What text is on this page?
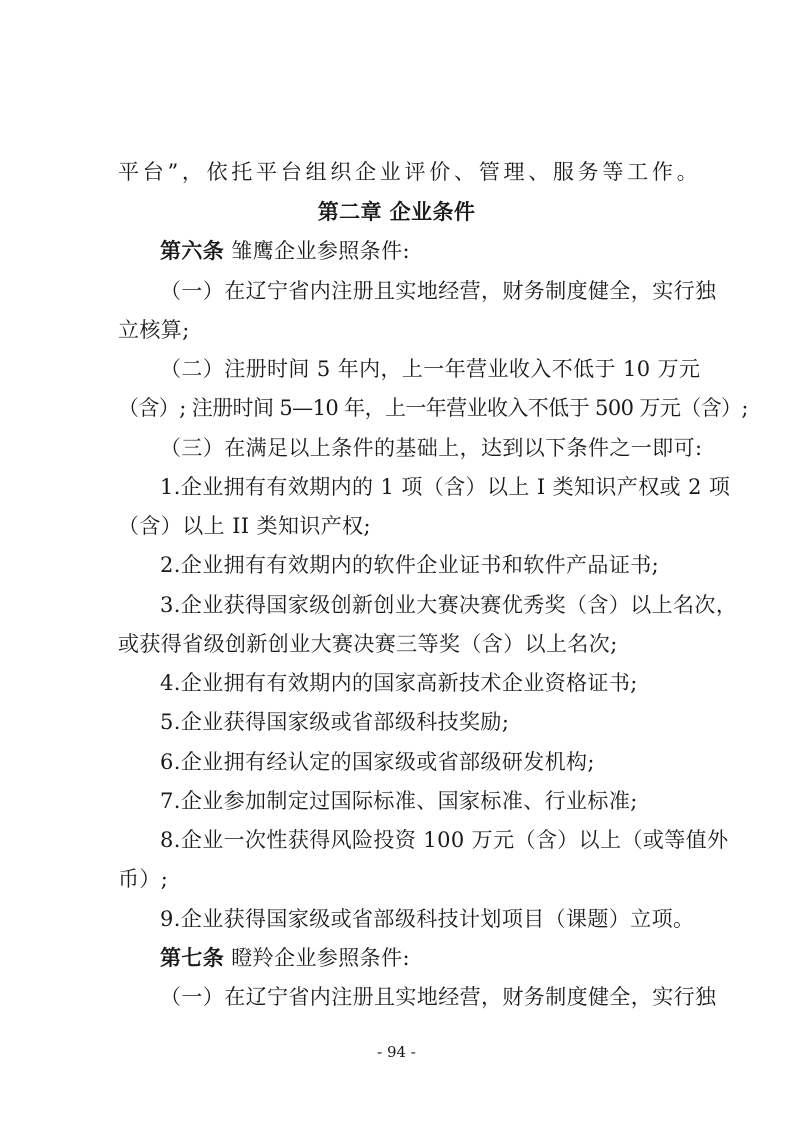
平台”，依托平台组织企业评价、管理、服务等工作。
第二章 企业条件
第六条 雏鹰企业参照条件:
（一）在辽宁省内注册且实地经营，财务制度健全，实行独
立核算;
（二）注册时间 5 年内，上一年营业收入不低于 10 万元
（含）; 注册时间 5—10 年，上一年营业收入不低于 500 万元（含）;
（三）在满足以上条件的基础上，达到以下条件之一即可:
1.企业拥有有效期内的 1 项（含）以上 I 类知识产权或 2 项
（含）以上 II 类知识产权;
2.企业拥有有效期内的软件企业证书和软件产品证书;
3.企业获得国家级创新创业大赛决赛优秀奖（含）以上名次，
或获得省级创新创业大赛决赛三等奖（含）以上名次;
4.企业拥有有效期内的国家高新技术企业资格证书;
5.企业获得国家级或省部级科技奖励;
6.企业拥有经认定的国家级或省部级研发机构;
7.企业参加制定过国际标准、国家标准、行业标准;
8.企业一次性获得风险投资 100 万元（含）以上（或等值外
币）;
9.企业获得国家级或省部级科技计划项目（课题）立项。
第七条 瞪羚企业参照条件:
（一）在辽宁省内注册且实地经营，财务制度健全，实行独
- 94 -
